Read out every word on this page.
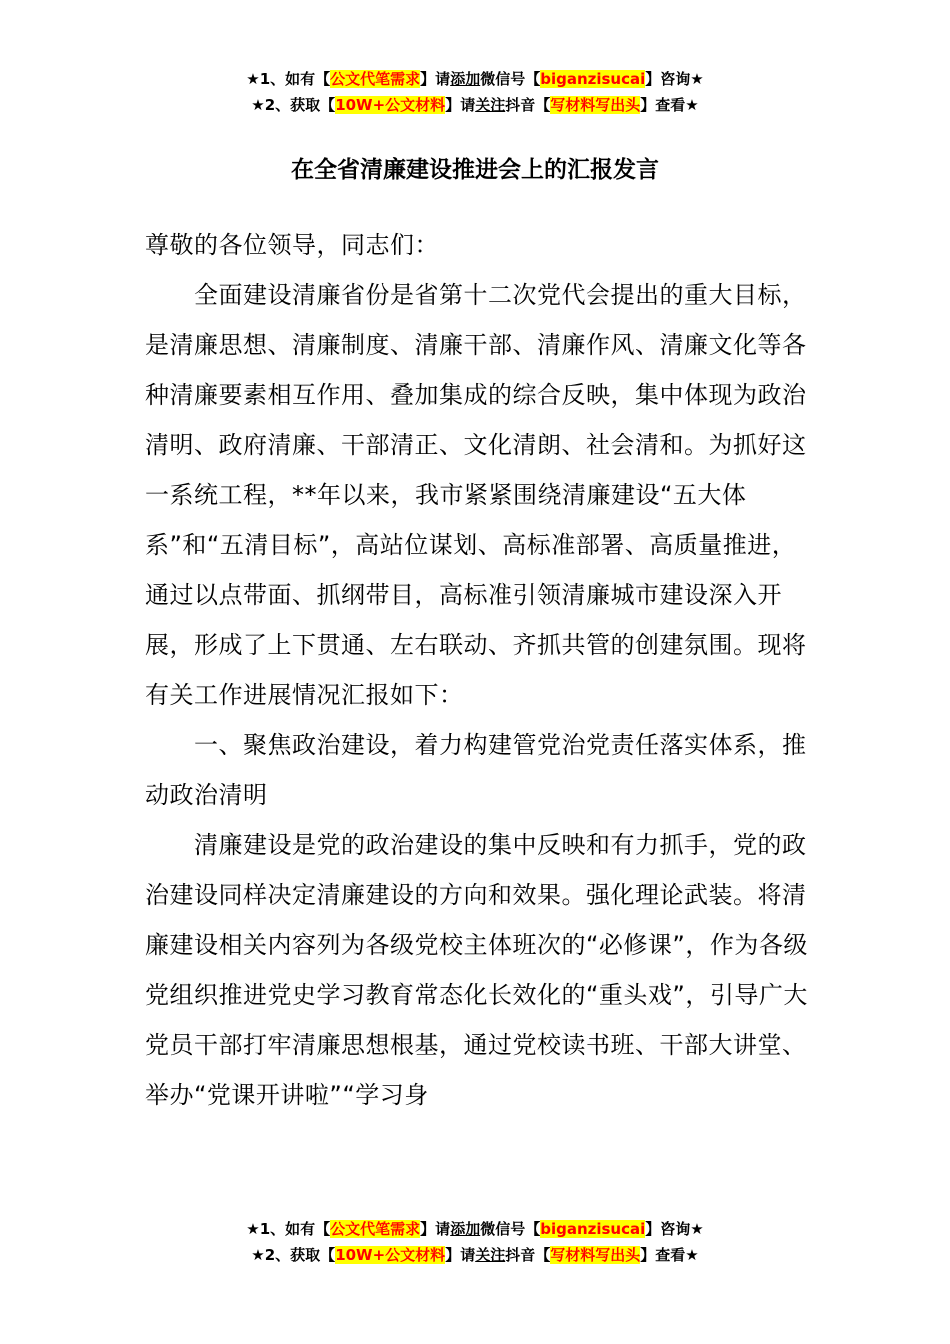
★1、如有【公文代笔需求】请添加微信号【biganzisucai】咨询★
★2、获取【10W+公文材料】请关注抖音【写材料写出头】查看★
在全省清廉建设推进会上的汇报发言

尊敬的各位领导，同志们：

全面建设清廉省份是省第十二次党代会提出的重大目标，是清廉思想、清廉制度、清廉干部、清廉作风、清廉文化等各种清廉要素相互作用、叠加集成的综合反映，集中体现为政治清明、政府清廉、干部清正、文化清朗、社会清和。为抓好这一系统工程，**年以来，我市紧紧围绕清廉建设“五大体系”和“五清目标”，高站位谋划、高标准部署、高质量推进，通过以点带面、抓纲带目，高标准引领清廉城市建设深入开展，形成了上下贯通、左右联动、齐抓共管的创建氛围。现将有关工作进展情况汇报如下：

一、聚焦政治建设，着力构建管党治党责任落实体系，推动政治清明

清廉建设是党的政治建设的集中反映和有力抓手，党的政治建设同样决定清廉建设的方向和效果。强化理论武装。将清廉建设相关内容列为各级党校主体班次的“必修课”，作为各级党组织推进党史学习教育常态化长效化的“重头戏”，引导广大党员干部打牢清廉思想根基，通过党校读书班、干部大讲堂、举办“党课开讲啦”“学习身

★1、如有【公文代笔需求】请添加微信号【biganzisucai】咨询★
★2、获取【10W+公文材料】请关注抖音【写材料写出头】查看★
